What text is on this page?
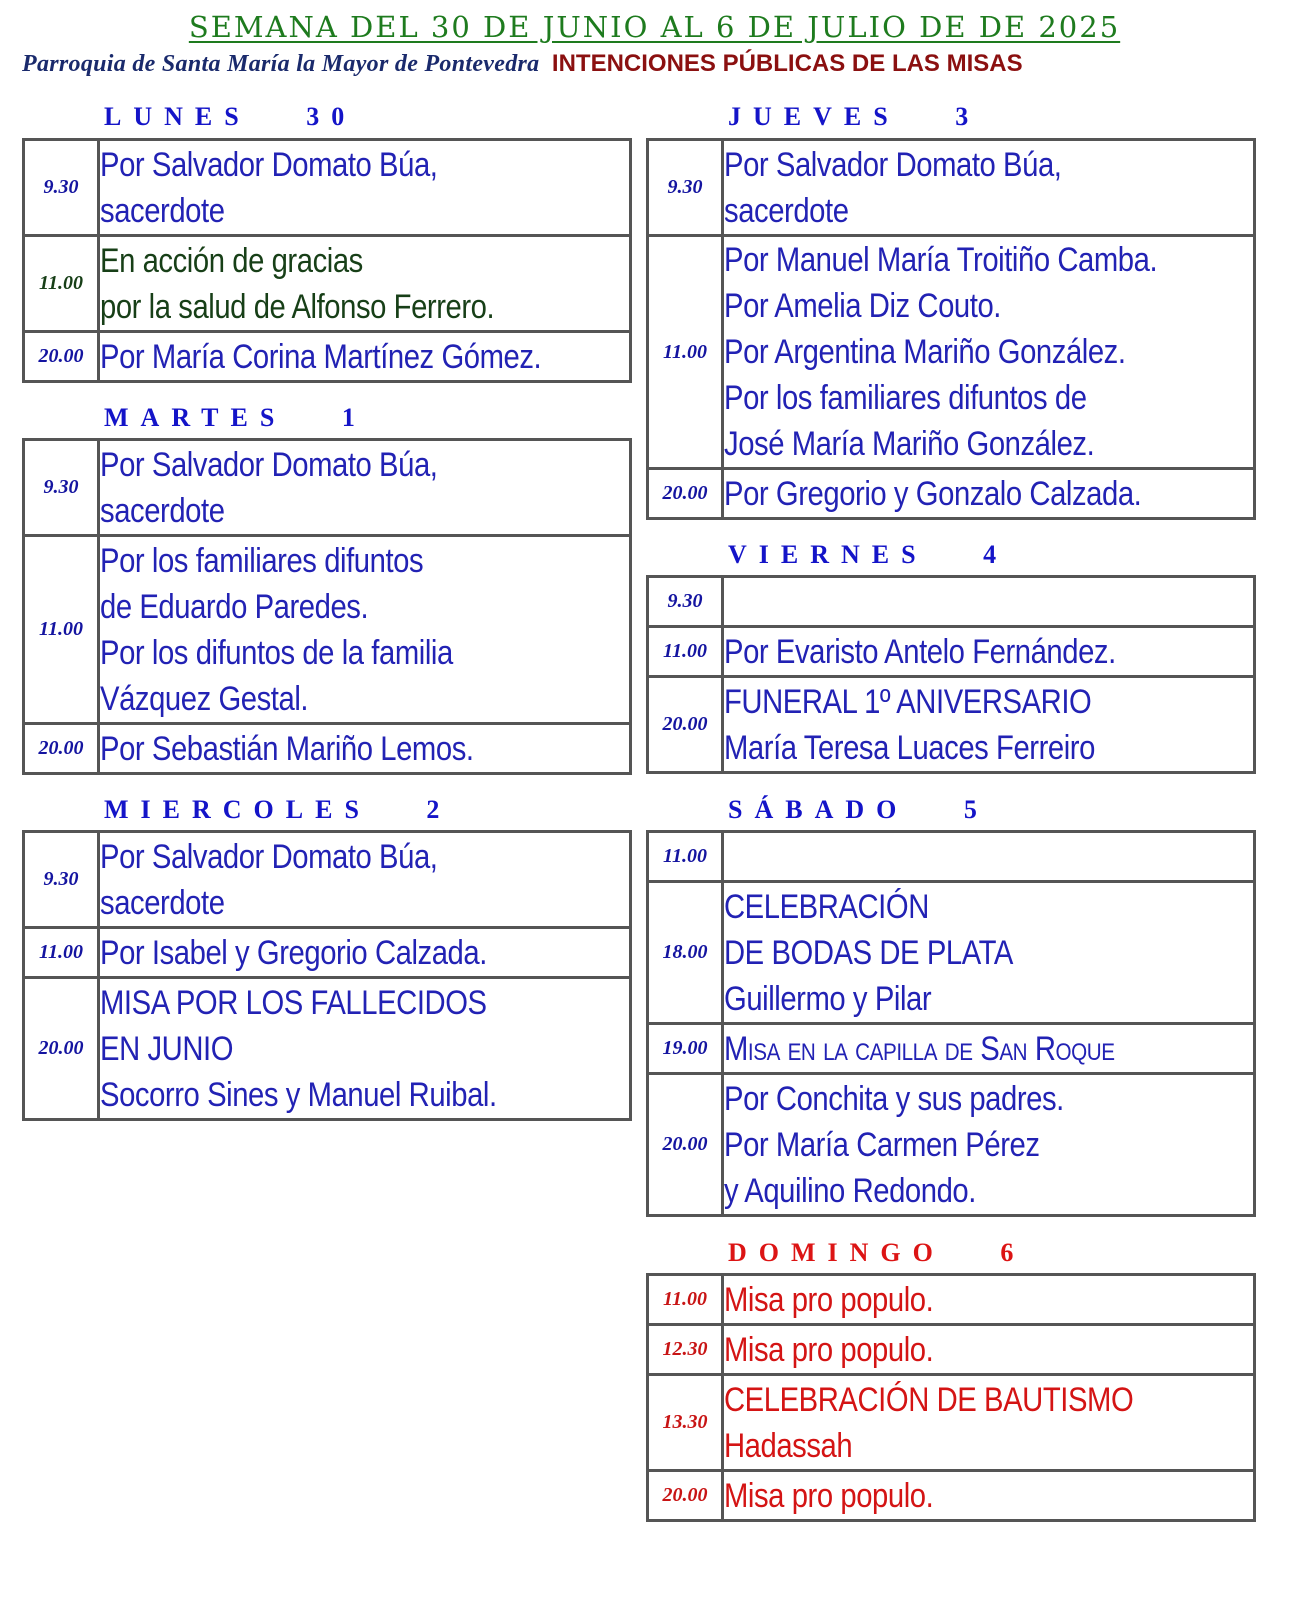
SEMANA DEL 30 DE JUNIO AL 6 DE JULIO DE DE 2025
Parroquia de Santa María la Mayor de Pontevedra INTENCIONES PÚBLICAS DE LAS MISAS
LUNES   30
9.30	Por Salvador Domato Búa,
sacerdote

11.00	En acción de gracias
por la salud de Alfonso Ferrero.

20.00	Por María Corina Martínez Gómez.
MARTES   1
9.30	Por Salvador Domato Búa,
sacerdote

11.00	Por los familiares difuntos
de Eduardo Paredes.
Por los difuntos de la familia
Vázquez Gestal.

20.00	Por Sebastián Mariño Lemos.
MIERCOLES   2
9.30	Por Salvador Domato Búa,
sacerdote

11.00	Por Isabel y Gregorio Calzada.

20.00	MISA POR LOS FALLECIDOS
EN JUNIO
Socorro Sines y Manuel Ruibal.
JUEVES   3
9.30	Por Salvador Domato Búa,
sacerdote

11.00	Por Manuel María Troitiño Camba.
Por Amelia Diz Couto.
Por Argentina Mariño González.
Por los familiares difuntos de
José María Mariño González.

20.00	Por Gregorio y Gonzalo Calzada.
VIERNES   4
9.30	

11.00	Por Evaristo Antelo Fernández.

20.00	FUNERAL 1º ANIVERSARIO
María Teresa Luaces Ferreiro
SÁBADO   5
11.00	

18.00	CELEBRACIÓN
DE BODAS DE PLATA
Guillermo y Pilar

19.00	Misa en la capilla de San Roque

20.00	Por Conchita y sus padres.
Por María Carmen Pérez
y Aquilino Redondo.
DOMINGO   6
11.00	Misa pro populo.

12.30	Misa pro populo.

13.30	CELEBRACIÓN DE BAUTISMO
Hadassah

20.00	Misa pro populo.
